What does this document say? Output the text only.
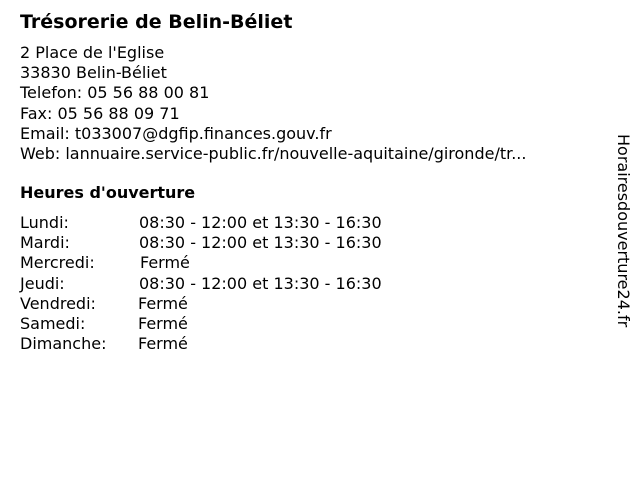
Trésorerie de Belin-Béliet
2 Place de l'Eglise
33830 Belin-Béliet
Telefon: 05 56 88 00 81
Fax: 05 56 88 09 71
Email: t033007@dgfip.finances.gouv.fr
Web: lannuaire.service-public.fr/nouvelle-aquitaine/gironde/tr...
Heures d'ouverture
Lundi:	08:30 - 12:00 et 13:30 - 16:30
Mardi:	08:30 - 12:00 et 13:30 - 16:30
Mercredi:	Fermé
Jeudi:	08:30 - 12:00 et 13:30 - 16:30
Vendredi:	Fermé
Samedi:	Fermé
Dimanche: Fermé
Horairesdouverture24.fr
